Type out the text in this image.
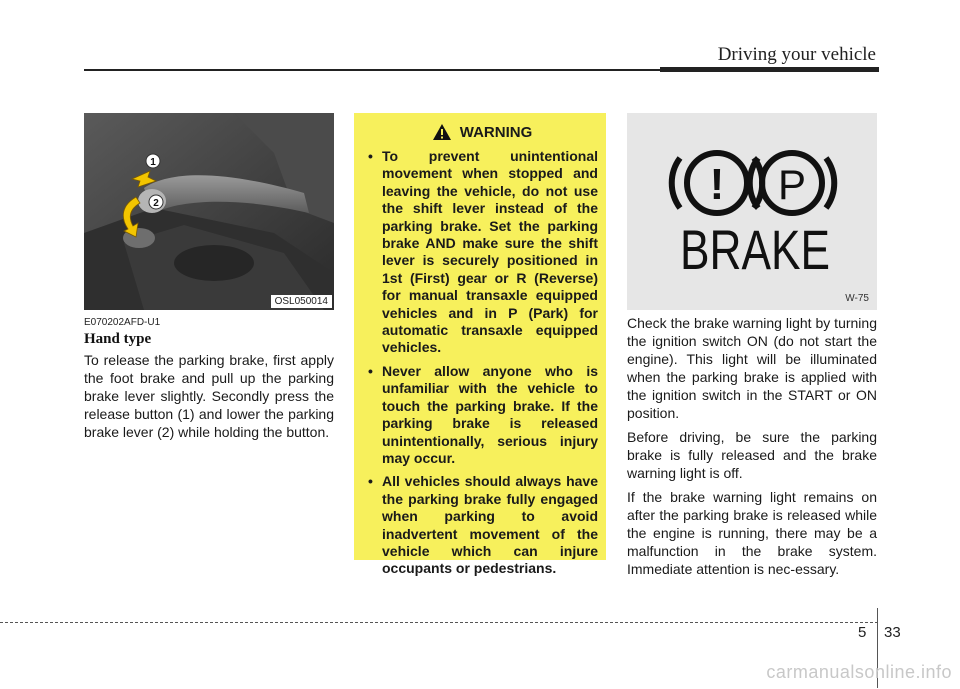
Driving your vehicle
1
2
OSL050014
E070202AFD-U1
Hand type

To release the parking brake, first apply the foot brake and pull up the parking brake lever slightly. Secondly press the release button (1) and lower the parking brake lever (2) while holding the button.

WARNING
• To prevent unintentional movement when stopped and leaving the vehicle, do not use the shift lever instead of the parking brake. Set the parking brake AND make sure the shift lever is securely positioned in 1st (First) gear or R (Reverse) for manual transaxle equipped vehicles and in P (Park) for automatic transaxle equipped vehicles.
• Never allow anyone who is unfamiliar with the vehicle to touch the parking brake. If the parking brake is released unintentionally, serious injury may occur.
• All vehicles should always have the parking brake fully engaged when parking to avoid inadvertent movement of the vehicle which can injure occupants or pedestrians.
! P
BRAKE
W-75

Check the brake warning light by turning the ignition switch ON (do not start the engine). This light will be illuminated when the parking brake is applied with the ignition switch in the START or ON position.

Before driving, be sure the parking brake is fully released and the brake warning light is off.

If the brake warning light remains on after the parking brake is released while the engine is running, there may be a malfunction in the brake system. Immediate attention is nec-essary.

5 33
carmanualsonline.info
